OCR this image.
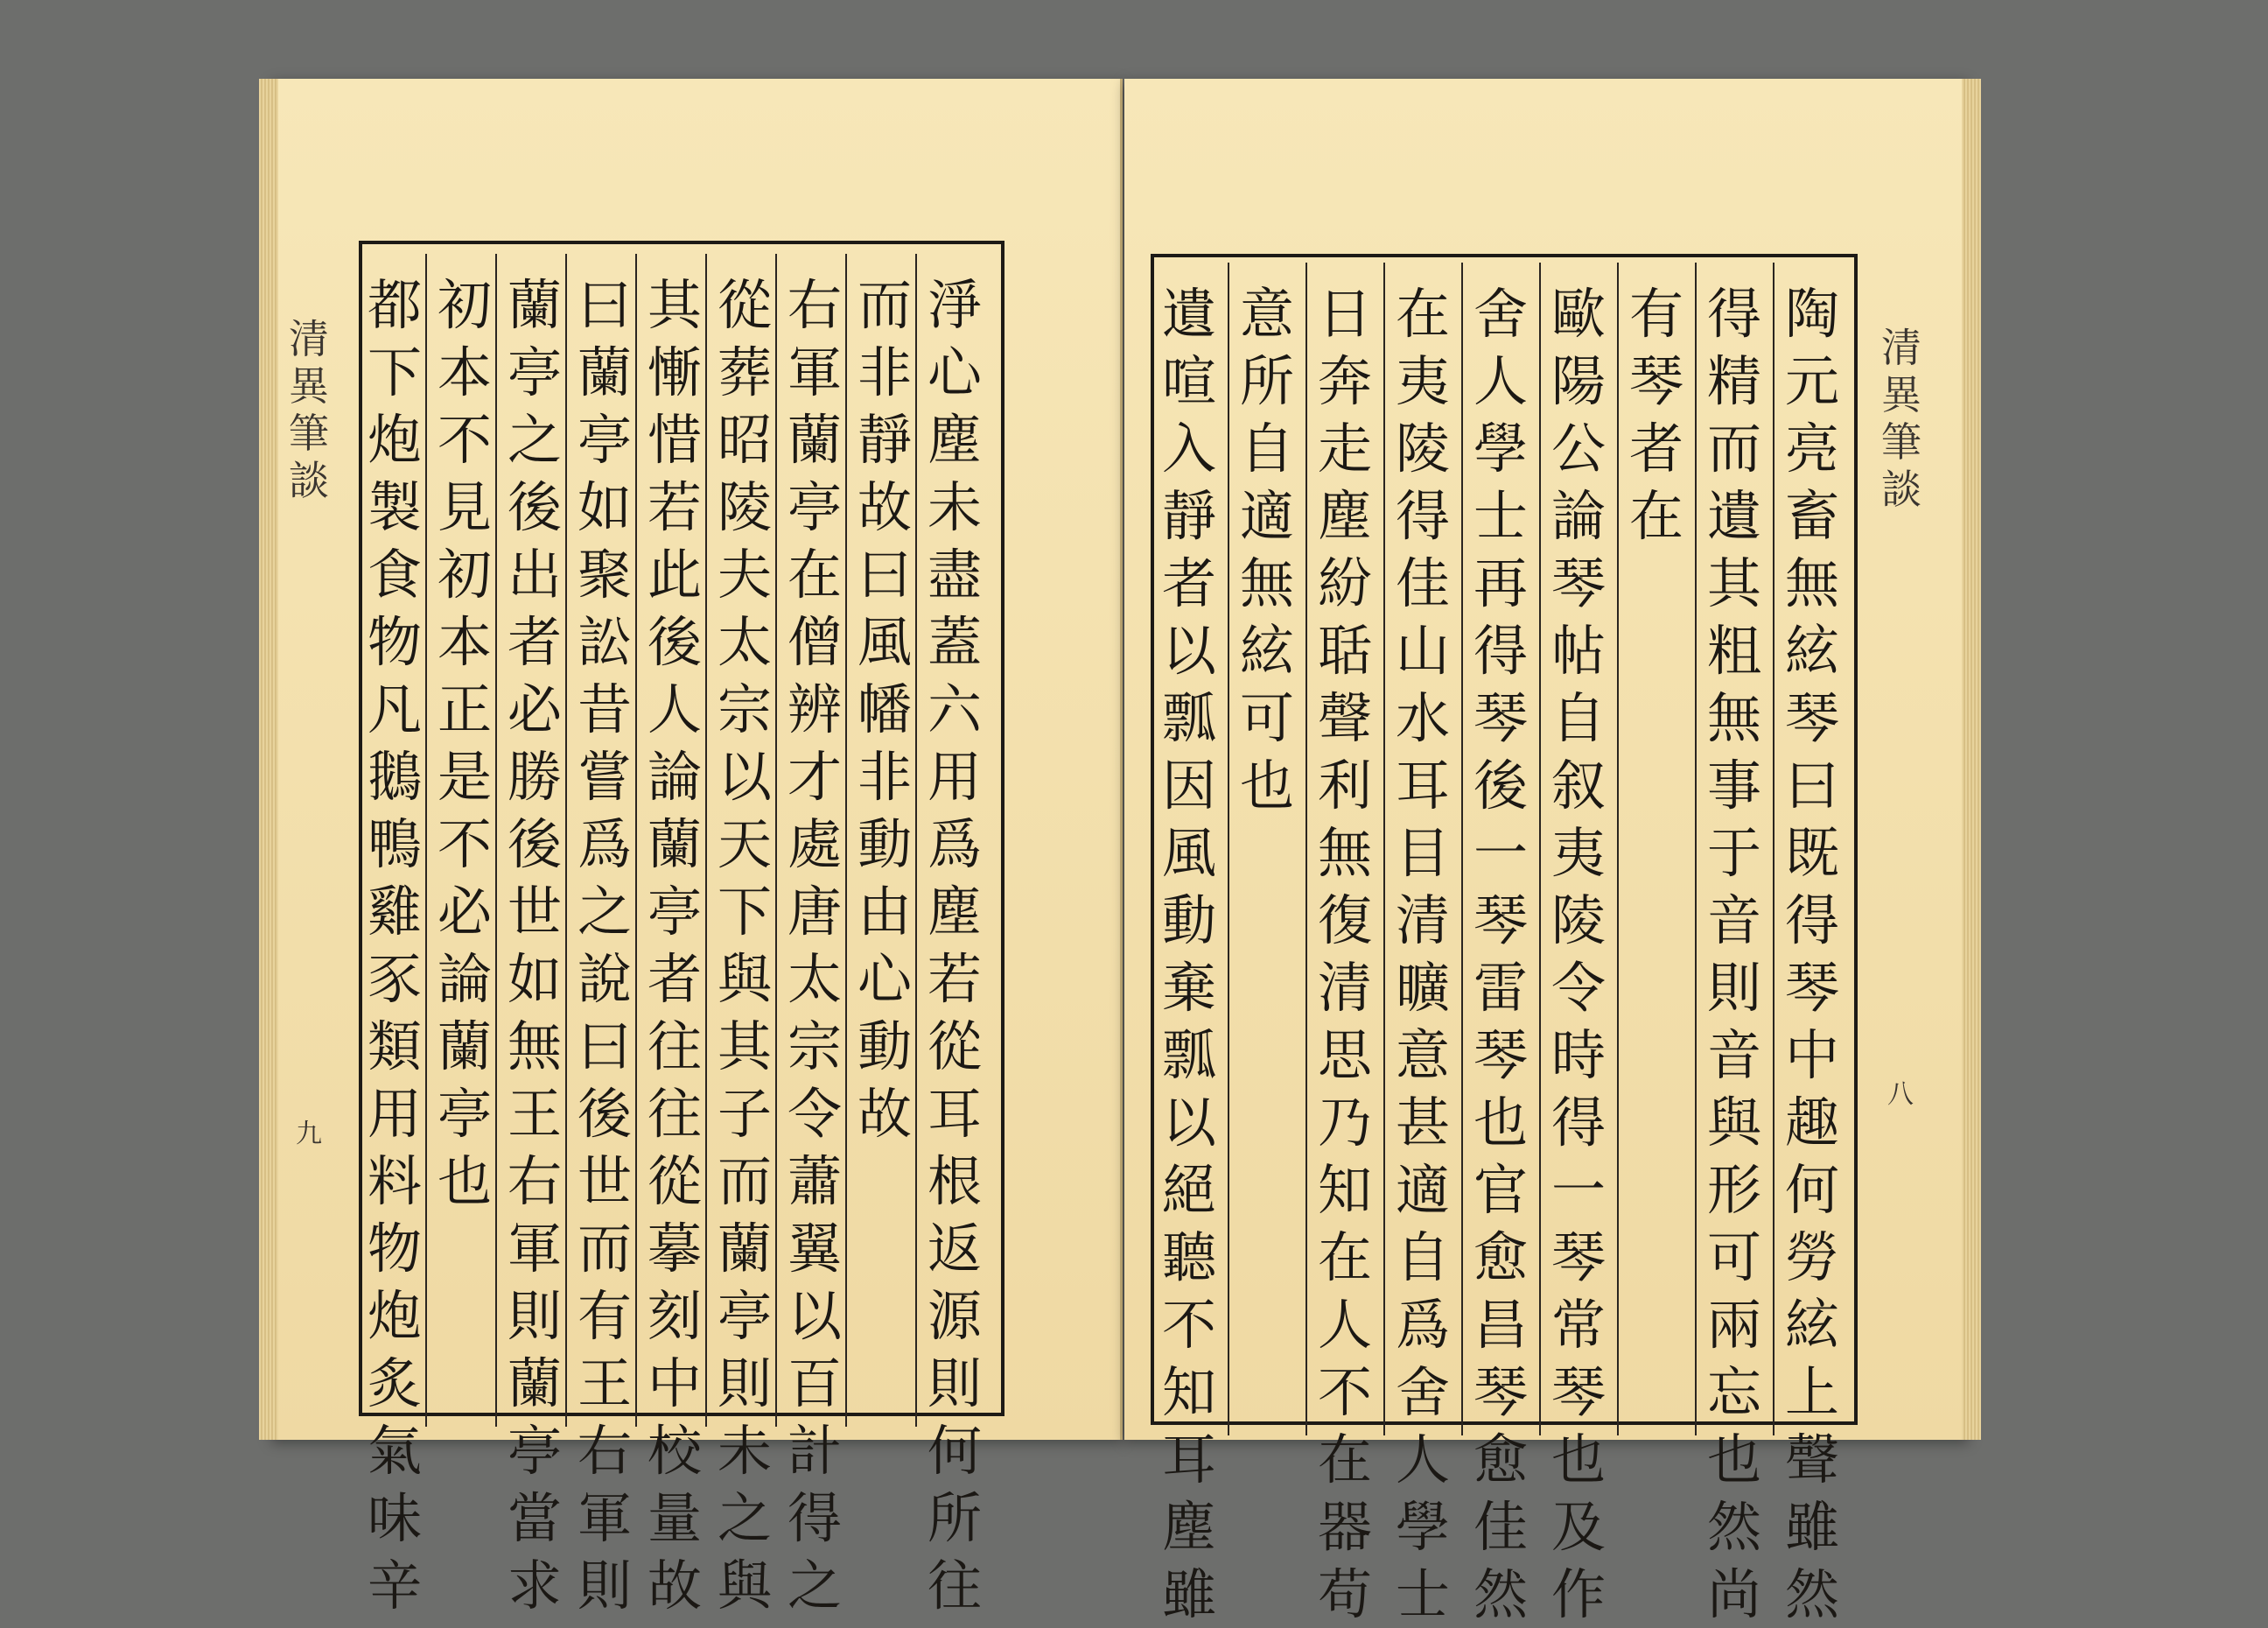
清異筆談
九
淨
心
塵
未
盡
蓋
六
用
爲
塵
若
從
耳
根
返
源
則
何
所
往
而
非
靜
故
曰
風
幡
非
動
由
心
動
故
右
軍
蘭
亭
在
僧
辨
才
處
唐
太
宗
令
蕭
翼
以
百
計
得
之
從
葬
昭
陵
夫
太
宗
以
天
下
與
其
子
而
蘭
亭
則
未
之
與
其
慚
惜
若
此
後
人
論
蘭
亭
者
往
往
從
摹
刻
中
校
量
故
曰
蘭
亭
如
聚
訟
昔
嘗
爲
之
說
曰
後
世
而
有
王
右
軍
則
蘭
亭
之
後
出
者
必
勝
後
世
如
無
王
右
軍
則
蘭
亭
當
求
初
本
不
見
初
本
正
是
不
必
論
蘭
亭
也
都
下
炮
製
食
物
凡
鵝
鴨
雞
豕
類
用
料
物
炮
炙
氣
味
辛
清異筆談
八
陶
元
亮
畜
無
絃
琴
曰
既
得
琴
中
趣
何
勞
絃
上
聲
雖
然
得
精
而
遺
其
粗
無
事
于
音
則
音
與
形
可
兩
忘
也
然
尚
有
琴
者
在
歐
陽
公
論
琴
帖
自
叙
夷
陵
令
時
得
一
琴
常
琴
也
及
作
舍
人
學
士
再
得
琴
後
一
琴
雷
琴
也
官
愈
昌
琴
愈
佳
然
在
夷
陵
得
佳
山
水
耳
目
清
曠
意
甚
適
自
爲
舍
人
學
士
日
奔
走
塵
紛
聒
聲
利
無
復
清
思
乃
知
在
人
不
在
器
苟
意
所
自
適
無
絃
可
也
遺
喧
入
靜
者
以
瓢
因
風
動
棄
瓢
以
絕
聽
不
知
耳
塵
雖
